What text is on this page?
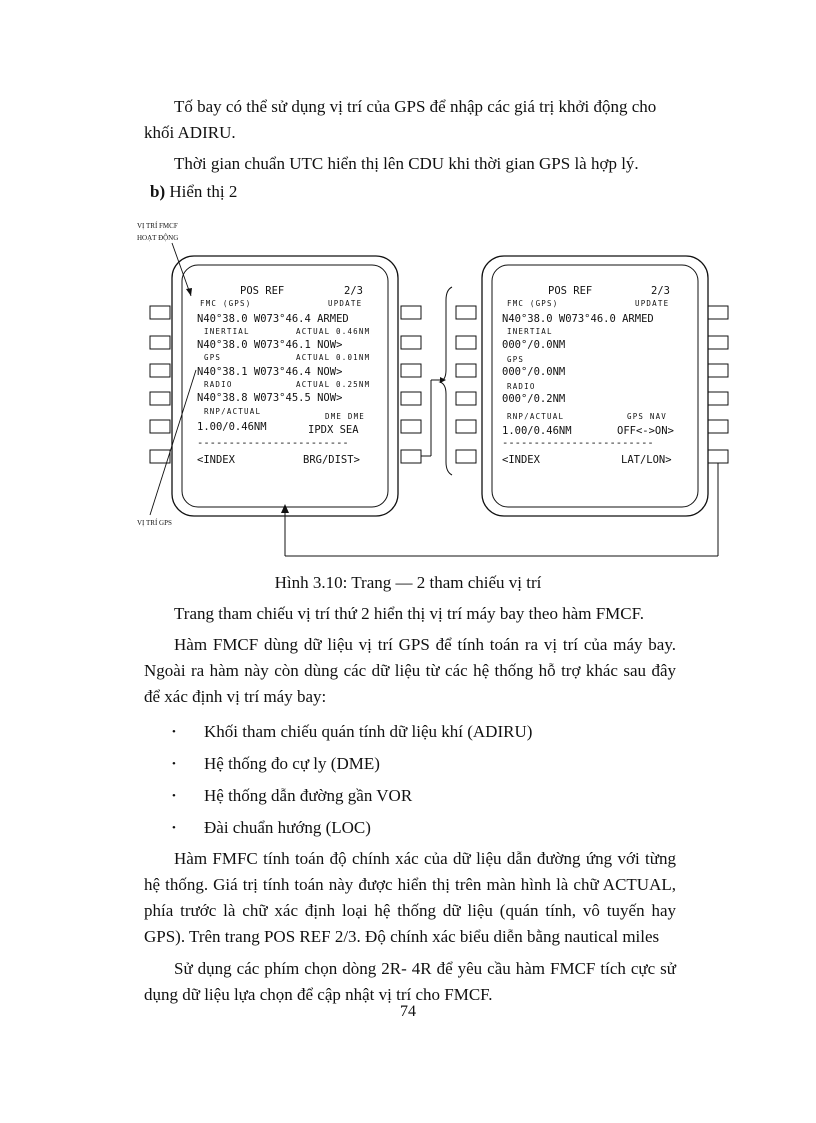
Tố bay có thể sử dụng vị trí của GPS để nhập các giá trị khởi động cho

khối ADIRU.

Thời gian chuẩn UTC hiển thị lên CDU khi thời gian GPS là hợp lý.

b) Hiển thị 2

VỊ TRÍ FMCF
HOẠT ĐỘNG
VỊ TRÍ GPS
POS REF	2/3
FMC (GPS)	UPDATE
N40°38.0 W073°46.4 ARMED
INERTIAL	ACTUAL 0.46NM
N40°38.0 W073°46.1 NOW>
GPS	ACTUAL 0.01NM
N40°38.1 W073°46.4 NOW>
RADIO	ACTUAL 0.25NM
N40°38.8 W073°45.5 NOW>
RNP/ACTUAL
DME DME
1.00/0.46NM	IPDX SEA
------------------------
<INDEX	BRG/DIST>
POS REF	2/3
FMC (GPS)	UPDATE
N40°38.0 W073°46.0 ARMED
INERTIAL
000°/0.0NM
GPS
000°/0.0NM
RADIO
000°/0.2NM
RNP/ACTUAL	GPS NAV
1.00/0.46NM	OFF<->ON>
------------------------
<INDEX	LAT/LON>
Hình 3.10: Trang — 2 tham chiếu vị trí

Trang tham chiếu vị trí thứ 2 hiển thị vị trí máy bay theo hàm FMCF.

Hàm FMCF dùng dữ liệu vị trí GPS để tính toán ra vị trí của máy bay. Ngoài ra hàm này còn dùng các dữ liệu từ các hệ thống hỗ trợ khác sau đây để xác định vị trí máy bay:

• Khối tham chiếu quán tính dữ liệu khí (ADIRU)
• Hệ thống đo cự ly (DME)
• Hệ thống dẫn đường gần VOR
• Đài chuẩn hướng (LOC)

Hàm FMFC tính toán độ chính xác của dữ liệu dẫn đường ứng với từng hệ thống. Giá trị tính toán này được hiển thị trên màn hình là chữ ACTUAL, phía trước là chữ xác định loại hệ thống dữ liệu (quán tính, vô tuyến hay GPS). Trên trang POS REF 2/3. Độ chính xác biểu diễn bằng nautical miles

Sử dụng các phím chọn dòng 2R- 4R để yêu cầu hàm FMCF tích cực sử dụng dữ liệu lựa chọn để cập nhật vị trí cho FMCF.

74
